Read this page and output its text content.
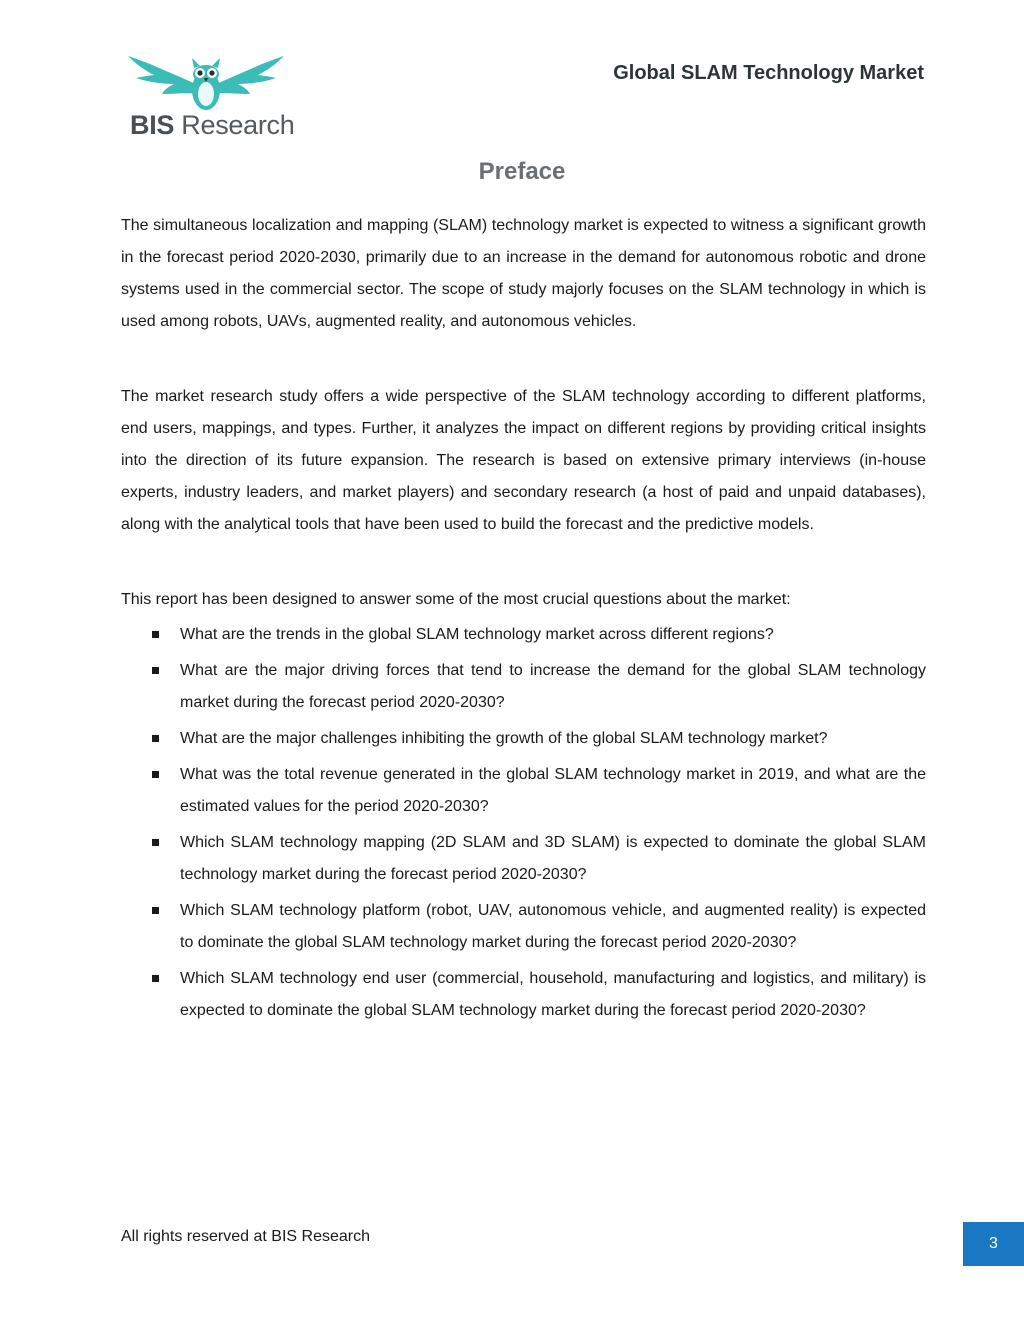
BIS Research
Global SLAM Technology Market
Preface

The simultaneous localization and mapping (SLAM) technology market is expected to witness a significant growth in the forecast period 2020-2030, primarily due to an increase in the demand for autonomous robotic and drone systems used in the commercial sector. The scope of study majorly focuses on the SLAM technology in which is used among robots, UAVs, augmented reality, and autonomous vehicles.

The market research study offers a wide perspective of the SLAM technology according to different platforms, end users, mappings, and types. Further, it analyzes the impact on different regions by providing critical insights into the direction of its future expansion. The research is based on extensive primary interviews (in-house experts, industry leaders, and market players) and secondary research (a host of paid and unpaid databases), along with the analytical tools that have been used to build the forecast and the predictive models.

This report has been designed to answer some of the most crucial questions about the market:

What are the trends in the global SLAM technology market across different regions?
What are the major driving forces that tend to increase the demand for the global SLAM technology market during the forecast period 2020-2030?
What are the major challenges inhibiting the growth of the global SLAM technology market?
What was the total revenue generated in the global SLAM technology market in 2019, and what are the estimated values for the period 2020-2030?
Which SLAM technology mapping (2D SLAM and 3D SLAM) is expected to dominate the global SLAM technology market during the forecast period 2020-2030?
Which SLAM technology platform (robot, UAV, autonomous vehicle, and augmented reality) is expected to dominate the global SLAM technology market during the forecast period 2020-2030?
Which SLAM technology end user (commercial, household, manufacturing and logistics, and military) is expected to dominate the global SLAM technology market during the forecast period 2020-2030?
All rights reserved at BIS Research	3
